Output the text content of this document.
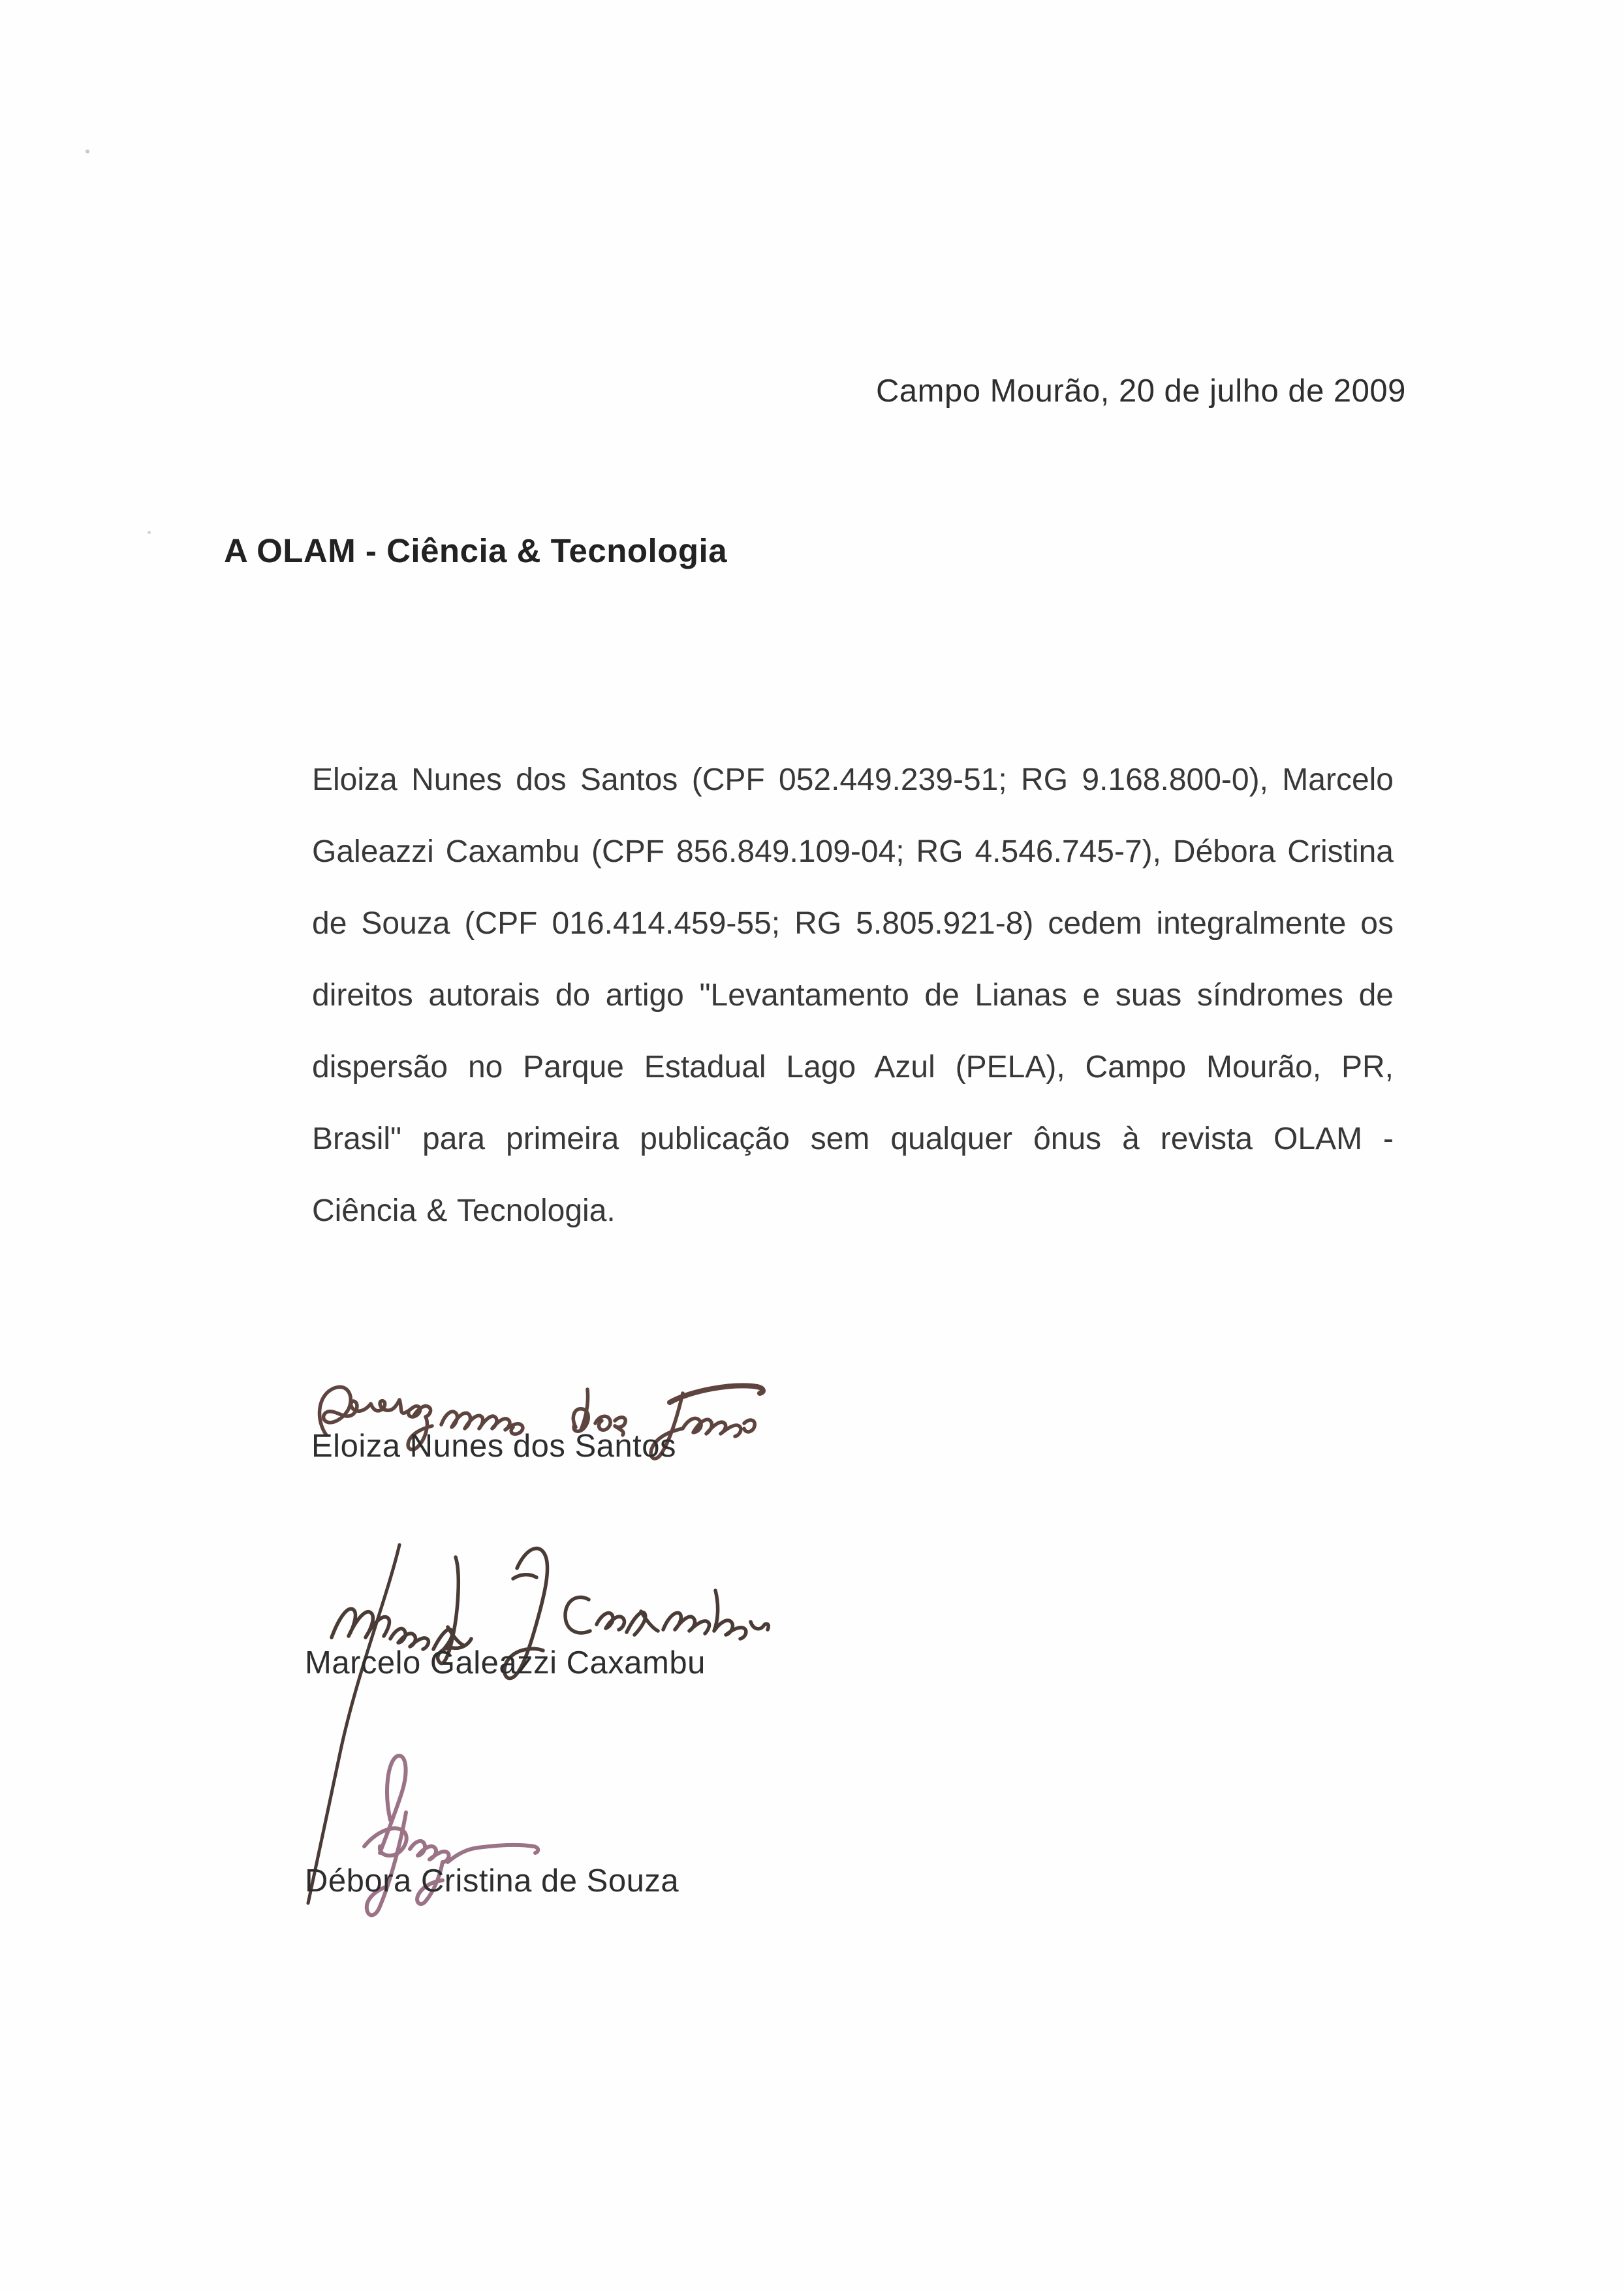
Campo Mourão, 20 de julho de 2009
A OLAM - Ciência & Tecnologia
Eloiza Nunes dos Santos (CPF 052.449.239-51; RG 9.168.800-0), Marcelo
Galeazzi Caxambu (CPF 856.849.109-04; RG 4.546.745-7), Débora Cristina
de Souza (CPF 016.414.459-55; RG 5.805.921-8) cedem integralmente os
direitos autorais do artigo "Levantamento de Lianas e suas síndromes de
dispersão no Parque Estadual Lago Azul (PELA), Campo Mourão, PR,
Brasil" para primeira publicação sem qualquer ônus à revista OLAM -
Ciência & Tecnologia.
Eloiza Nunes dos Santos
Marcelo Galeazzi Caxambu
Débora Cristina de Souza
